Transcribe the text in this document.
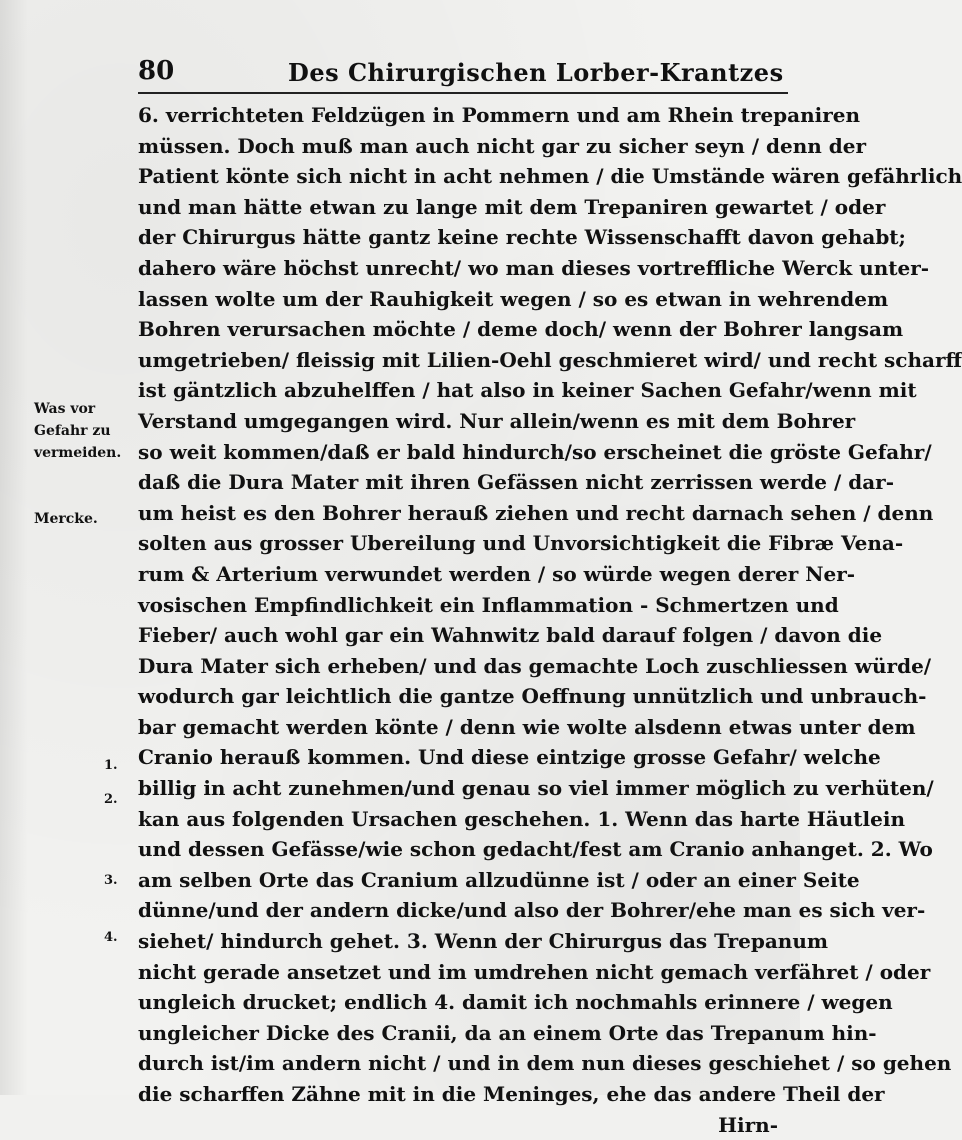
80	Des Chirurgischen Lorber-Krantzes
Was vor Gefahr zu vermeiden.
Mercke.
1.
2.
3.
4.
6. verrichteten Feldzügen in Pommern und am Rhein trepaniren
müssen. Doch muß man auch nicht gar zu sicher seyn / denn der
Patient könte sich nicht in acht nehmen / die Umstände wären gefährlich
und man hätte etwan zu lange mit dem Trepaniren gewartet / oder
der Chirurgus hätte gantz keine rechte Wissenschafft davon gehabt;
dahero wäre höchst unrecht/ wo man dieses vortreffliche Werck unter-
lassen wolte um der Rauhigkeit wegen / so es etwan in wehrendem
Bohren verursachen möchte / deme doch/ wenn der Bohrer langsam
umgetrieben/ fleissig mit Lilien-Oehl geschmieret wird/ und recht scharff
ist gäntzlich abzuhelffen / hat also in keiner Sachen Gefahr/wenn mit
Verstand umgegangen wird. Nur allein/wenn es mit dem Bohrer
so weit kommen/daß er bald hindurch/so erscheinet die gröste Gefahr/
daß die Dura Mater mit ihren Gefässen nicht zerrissen werde / dar-
um heist es den Bohrer herauß ziehen und recht darnach sehen / denn
solten aus grosser Ubereilung und Unvorsichtigkeit die Fibræ Vena-
rum & Arterium verwundet werden / so würde wegen derer Ner-
vosischen Empfindlichkeit ein Inflammation - Schmertzen und
Fieber/ auch wohl gar ein Wahnwitz bald darauf folgen / davon die
Dura Mater sich erheben/ und das gemachte Loch zuschliessen würde/
wodurch gar leichtlich die gantze Oeffnung unnützlich und unbrauch-
bar gemacht werden könte / denn wie wolte alsdenn etwas unter dem
Cranio herauß kommen. Und diese eintzige grosse Gefahr/ welche
billig in acht zunehmen/und genau so viel immer möglich zu verhüten/
kan aus folgenden Ursachen geschehen. 1. Wenn das harte Häutlein
und dessen Gefässe/wie schon gedacht/fest am Cranio anhanget. 2. Wo
am selben Orte das Cranium allzudünne ist / oder an einer Seite
dünne/und der andern dicke/und also der Bohrer/ehe man es sich ver-
siehet/ hindurch gehet. 3. Wenn der Chirurgus das Trepanum
nicht gerade ansetzet und im umdrehen nicht gemach verfähret / oder
ungleich drucket; endlich 4. damit ich nochmahls erinnere / wegen
ungleicher Dicke des Cranii, da an einem Orte das Trepanum hin-
durch ist/im andern nicht / und in dem nun dieses geschiehet / so gehen
die scharffen Zähne mit in die Meninges, ehe das andere Theil der
Hirn-
